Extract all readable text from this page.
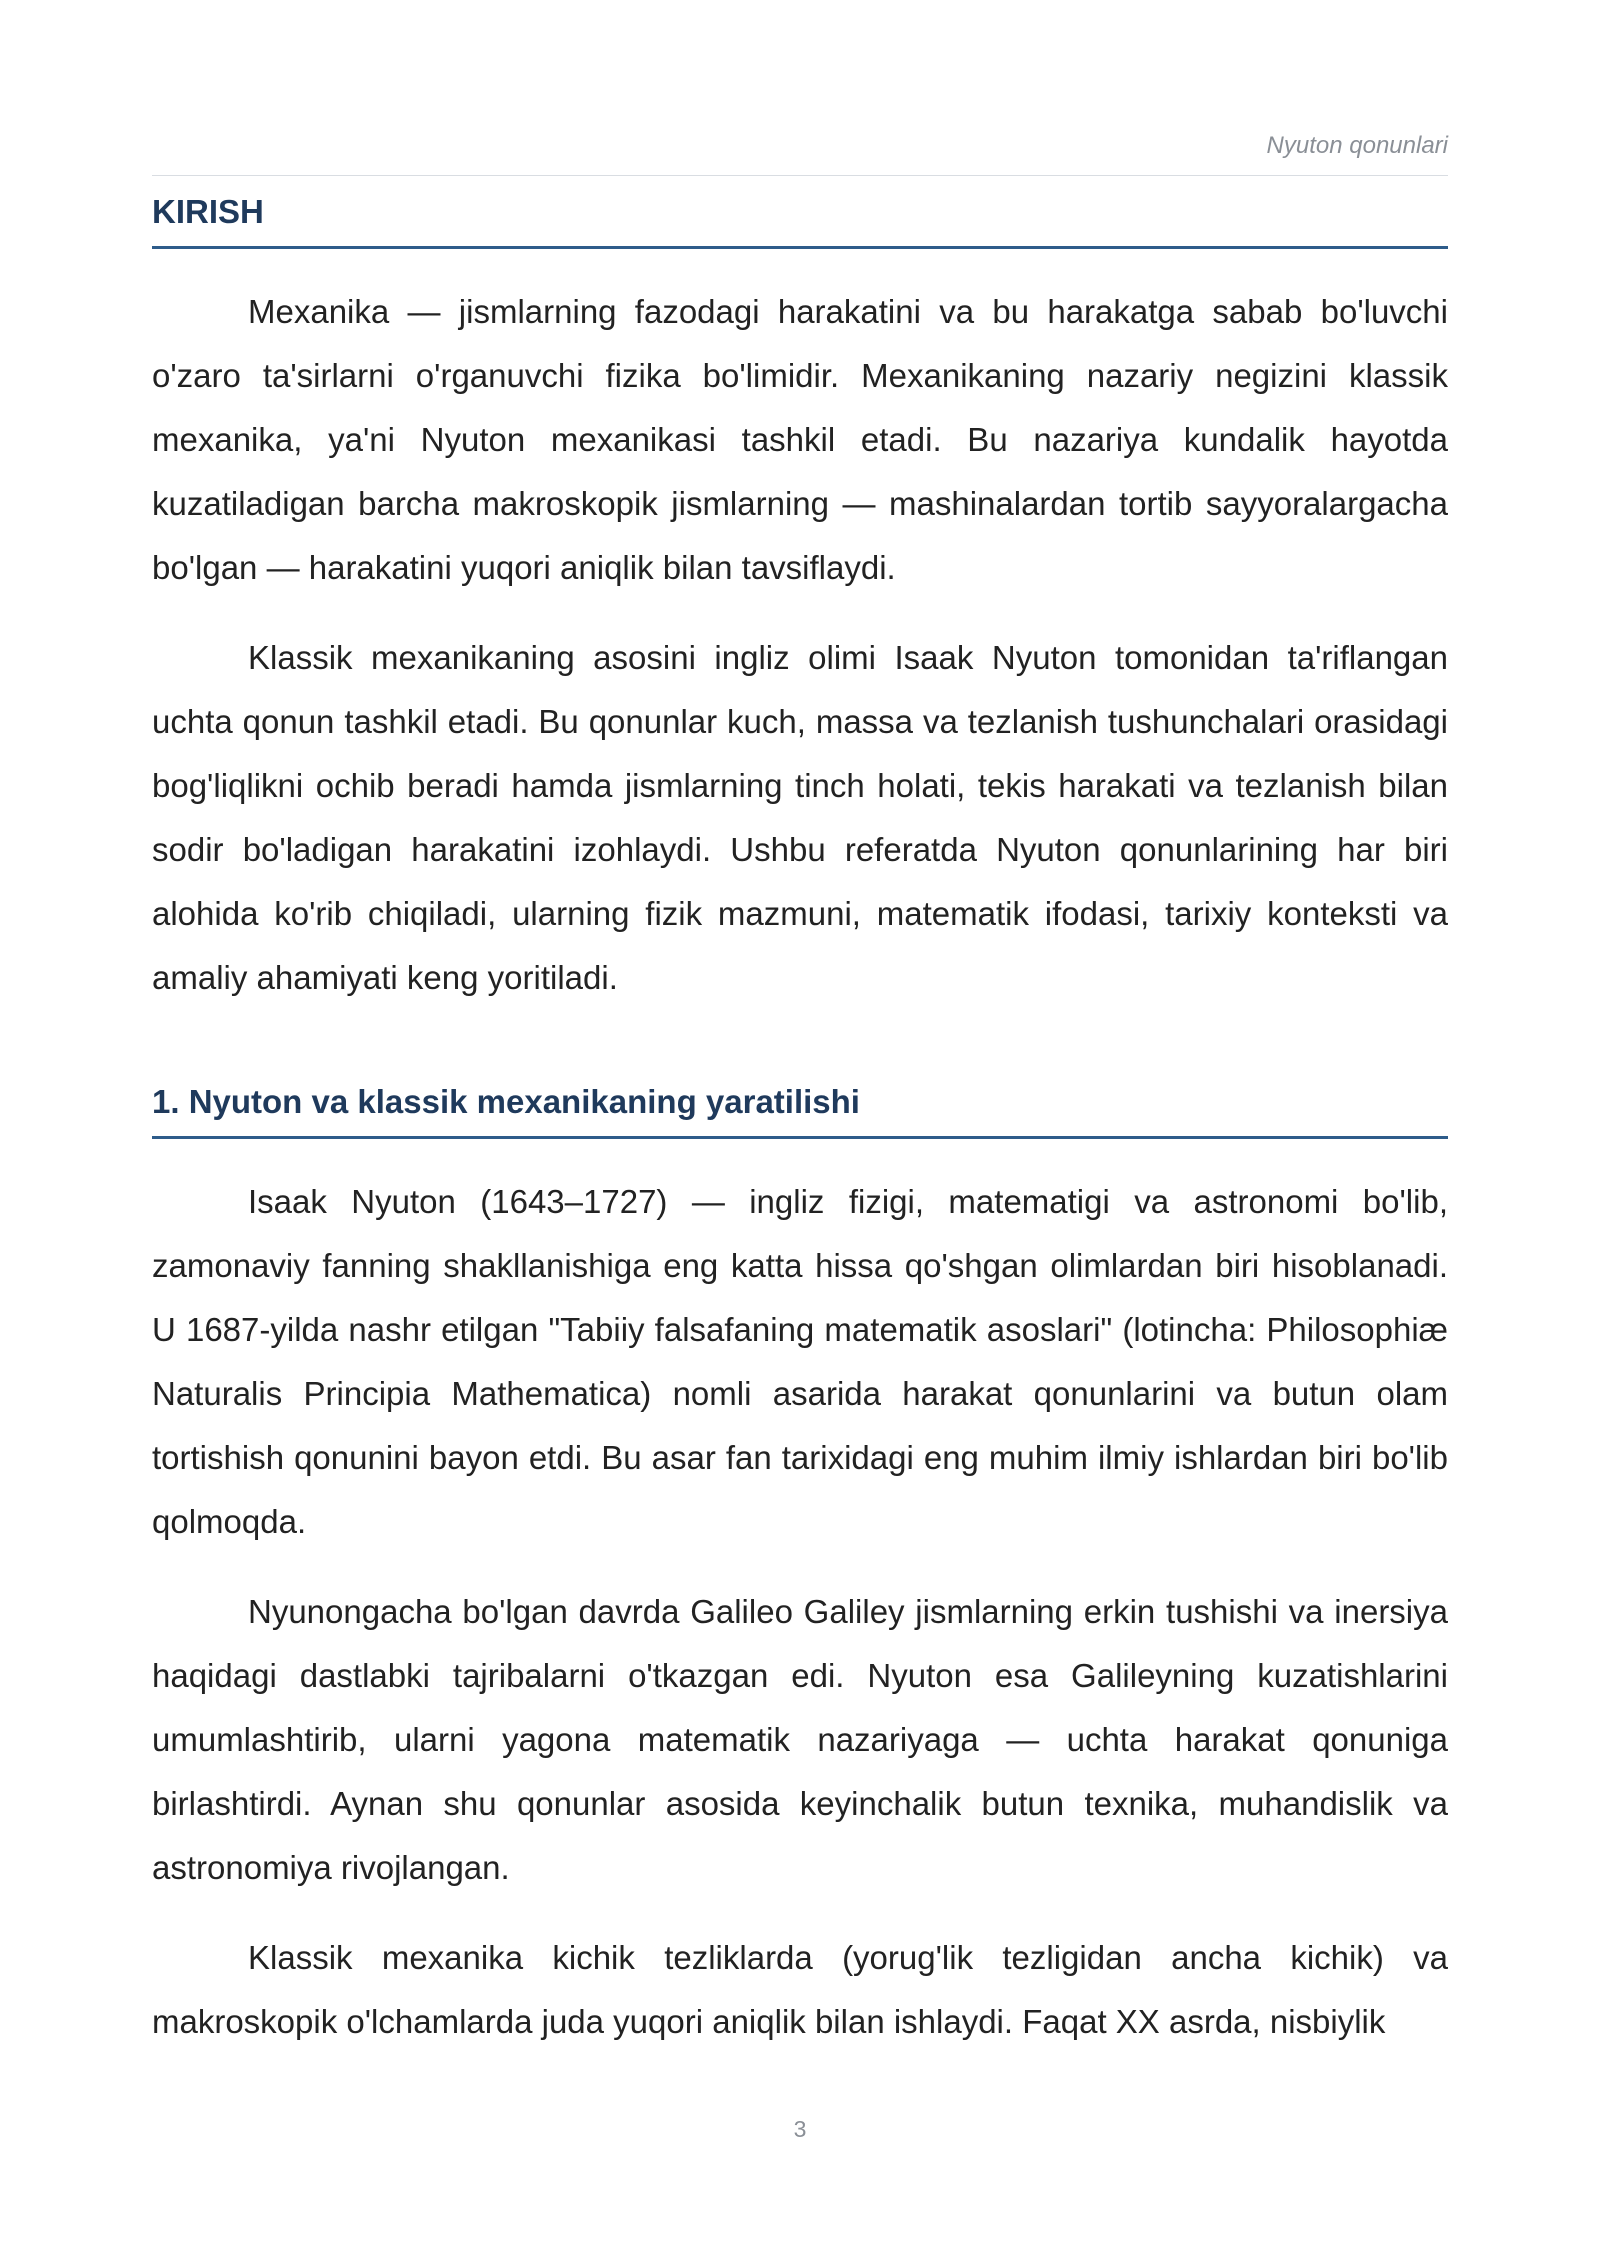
Nyuton qonunlari
KIRISH

Mexanika — jismlarning fazodagi harakatini va bu harakatga sabab bo'luvchi o'zaro ta'sirlarni o'rganuvchi fizika bo'limidir. Mexanikaning nazariy negizini klassik mexanika, ya'ni Nyuton mexanikasi tashkil etadi. Bu nazariya kundalik hayotda kuzatiladigan barcha makroskopik jismlarning — mashinalardan tortib sayyoralargacha bo'lgan — harakatini yuqori aniqlik bilan tavsiflaydi.

Klassik mexanikaning asosini ingliz olimi Isaak Nyuton tomonidan ta'riflangan uchta qonun tashkil etadi. Bu qonunlar kuch, massa va tezlanish tushunchalari orasidagi bog'liqlikni ochib beradi hamda jismlarning tinch holati, tekis harakati va tezlanish bilan sodir bo'ladigan harakatini izohlaydi. Ushbu referatda Nyuton qonunlarining har biri alohida ko'rib chiqiladi, ularning fizik mazmuni, matematik ifodasi, tarixiy konteksti va amaliy ahamiyati keng yoritiladi.

1. Nyuton va klassik mexanikaning yaratilishi

Isaak Nyuton (1643–1727) — ingliz fizigi, matematigi va astronomi bo'lib, zamonaviy fanning shakllanishiga eng katta hissa qo'shgan olimlardan biri hisoblanadi. U 1687-yilda nashr etilgan "Tabiiy falsafaning matematik asoslari" (lotincha: Philosophiæ Naturalis Principia Mathematica) nomli asarida harakat qonunlarini va butun olam tortishish qonunini bayon etdi. Bu asar fan tarixidagi eng muhim ilmiy ishlardan biri bo'lib qolmoqda.

Nyunongacha bo'lgan davrda Galileo Galiley jismlarning erkin tushishi va inersiya haqidagi dastlabki tajribalarni o'tkazgan edi. Nyuton esa Galileyning kuzatishlarini umumlashtirib, ularni yagona matematik nazariyaga — uchta harakat qonuniga birlashtirdi. Aynan shu qonunlar asosida keyinchalik butun texnika, muhandislik va astronomiya rivojlangan.

Klassik mexanika kichik tezliklarda (yorug'lik tezligidan ancha kichik) va makroskopik o'lchamlarda juda yuqori aniqlik bilan ishlaydi. Faqat XX asrda, nisbiylik

3
